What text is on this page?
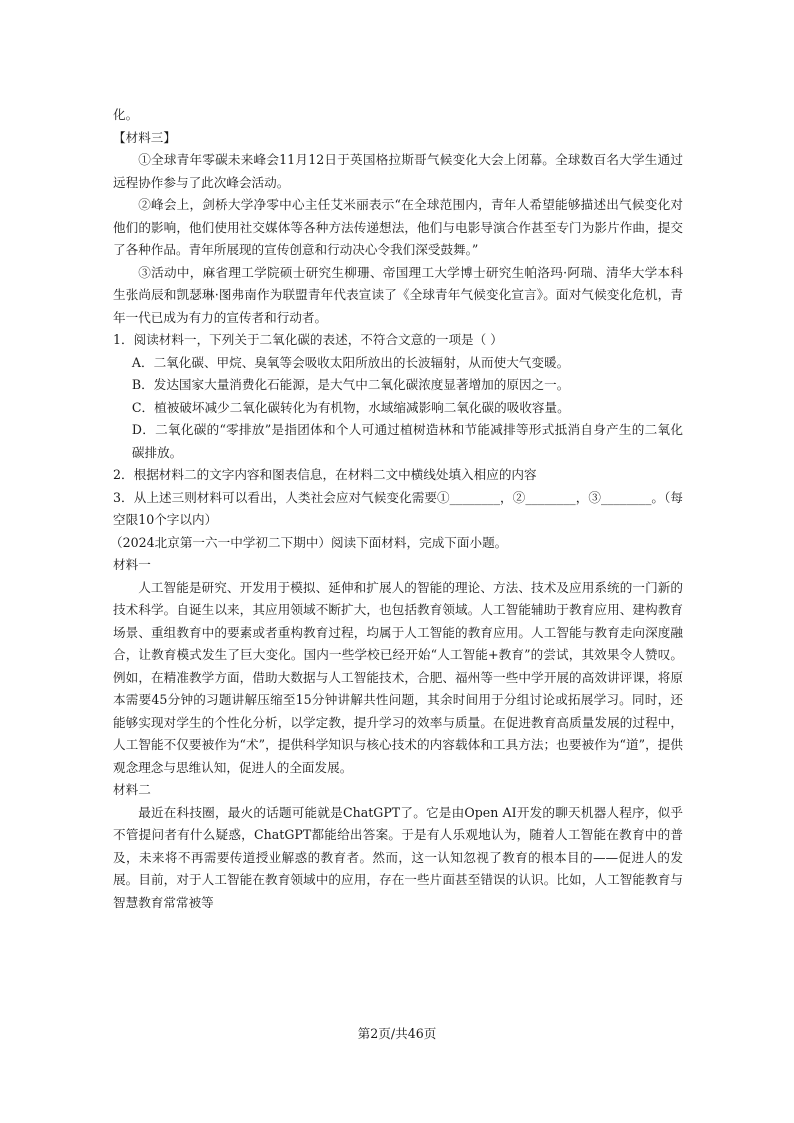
化。

【材料三】

①全球青年零碳未来峰会11月12日于英国格拉斯哥气候变化大会上闭幕。全球数百名大学生通过远程协作参与了此次峰会活动。

②峰会上，剑桥大学净零中心主任艾米丽表示“在全球范围内，青年人希望能够描述出气候变化对他们的影响，他们使用社交媒体等各种方法传递想法，他们与电影导演合作甚至专门为影片作曲，提交了各种作品。青年所展现的宣传创意和行动决心令我们深受鼓舞。”

③活动中，麻省理工学院硕士研究生柳珊、帝国理工大学博士研究生帕洛玛·阿瑞、清华大学本科生张尚辰和凯瑟琳·图弗南作为联盟青年代表宣读了《全球青年气候变化宣言》。面对气候变化危机，青年一代已成为有力的宣传者和行动者。

1．阅读材料一，下列关于二氧化碳的表述，不符合文意的一项是（ ）

A．二氧化碳、甲烷、臭氧等会吸收太阳所放出的长波辐射，从而使大气变暖。

B．发达国家大量消费化石能源，是大气中二氧化碳浓度显著增加的原因之一。

C．植被破坏减少二氧化碳转化为有机物，水域缩减影响二氧化碳的吸收容量。

D．二氧化碳的“零排放”是指团体和个人可通过植树造林和节能减排等形式抵消自身产生的二氧化碳排放。

2．根据材料二的文字内容和图表信息，在材料二文中横线处填入相应的内容

3．从上述三则材料可以看出，人类社会应对气候变化需要①________，②________，③________。（每空限10个字以内）

（2024北京第一六一中学初二下期中）阅读下面材料，完成下面小题。

材料一

人工智能是研究、开发用于模拟、延伸和扩展人的智能的理论、方法、技术及应用系统的一门新的技术科学。自诞生以来，其应用领域不断扩大，也包括教育领域。人工智能辅助于教育应用、建构教育场景、重组教育中的要素或者重构教育过程，均属于人工智能的教育应用。人工智能与教育走向深度融合，让教育模式发生了巨大变化。国内一些学校已经开始“人工智能+教育”的尝试，其效果令人赞叹。例如，在精准教学方面，借助大数据与人工智能技术，合肥、福州等一些中学开展的高效讲评课，将原本需要45分钟的习题讲解压缩至15分钟讲解共性问题，其余时间用于分组讨论或拓展学习。同时，还能够实现对学生的个性化分析，以学定教，提升学习的效率与质量。在促进教育高质量发展的过程中，人工智能不仅要被作为“术”，提供科学知识与核心技术的内容载体和工具方法；也要被作为“道”，提供观念理念与思维认知，促进人的全面发展。

材料二

最近在科技圈，最火的话题可能就是ChatGPT了。它是由Open AI开发的聊天机器人程序，似乎不管提问者有什么疑惑，ChatGPT都能给出答案。于是有人乐观地认为，随着人工智能在教育中的普及，未来将不再需要传道授业解惑的教育者。然而，这一认知忽视了教育的根本目的——促进人的发展。目前，对于人工智能在教育领域中的应用，存在一些片面甚至错误的认识。比如，人工智能教育与智慧教育常常被等

第2页/共46页
